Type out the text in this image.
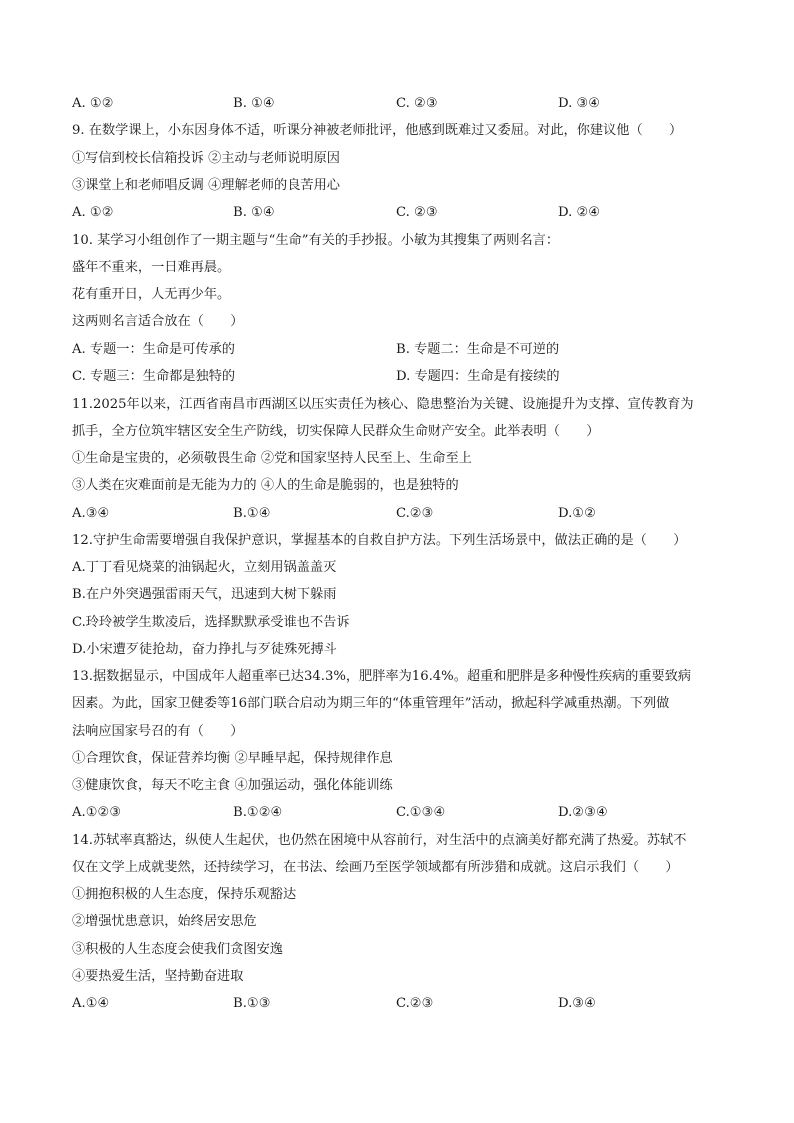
A. ①②	B. ①④	C. ②③	D. ③④
9. 在数学课上，小东因身体不适，听课分神被老师批评，他感到既难过又委屈。对此，你建议他（　　）
①写信到校长信箱投诉 ②主动与老师说明原因
③课堂上和老师唱反调 ④理解老师的良苦用心
A. ①②	B. ①④	C. ②③	D. ②④
10. 某学习小组创作了一期主题与“生命”有关的手抄报。小敏为其搜集了两则名言：
盛年不重来，一日难再晨。
花有重开日，人无再少年。
这两则名言适合放在（　　）
A. 专题一：生命是可传承的	B. 专题二：生命是不可逆的
C. 专题三：生命都是独特的	D. 专题四：生命是有接续的
11.2025年以来，江西省南昌市西湖区以压实责任为核心、隐患整治为关键、设施提升为支撑、宣传教育为
抓手，全方位筑牢辖区安全生产防线，切实保障人民群众生命财产安全。此举表明（　　）
①生命是宝贵的，必须敬畏生命 ②党和国家坚持人民至上、生命至上
③人类在灾难面前是无能为力的 ④人的生命是脆弱的，也是独特的
A.③④	B.①④	C.②③	D.①②
12.守护生命需要增强自我保护意识，掌握基本的自救自护方法。下列生活场景中，做法正确的是（　　）
A.丁丁看见烧菜的油锅起火，立刻用锅盖盖灭
B.在户外突遇强雷雨天气，迅速到大树下躲雨
C.玲玲被学生欺凌后，选择默默承受谁也不告诉
D.小宋遭歹徒抢劫，奋力挣扎与歹徒殊死搏斗
13.据数据显示，中国成年人超重率已达34.3%，肥胖率为16.4%。超重和肥胖是多种慢性疾病的重要致病
因素。为此，国家卫健委等16部门联合启动为期三年的“体重管理年”活动，掀起科学减重热潮。下列做
法响应国家号召的有（　　）
①合理饮食，保证营养均衡 ②早睡早起，保持规律作息
③健康饮食，每天不吃主食 ④加强运动，强化体能训练
A.①②③	B.①②④	C.①③④	D.②③④
14.苏轼率真豁达，纵使人生起伏，也仍然在困境中从容前行，对生活中的点滴美好都充满了热爱。苏轼不
仅在文学上成就斐然，还持续学习，在书法、绘画乃至医学领域都有所涉猎和成就。这启示我们（　　）
①拥抱积极的人生态度，保持乐观豁达
②增强忧患意识，始终居安思危
③积极的人生态度会使我们贪图安逸
④要热爱生活，坚持勤奋进取
A.①④	B.①③	C.②③	D.③④
